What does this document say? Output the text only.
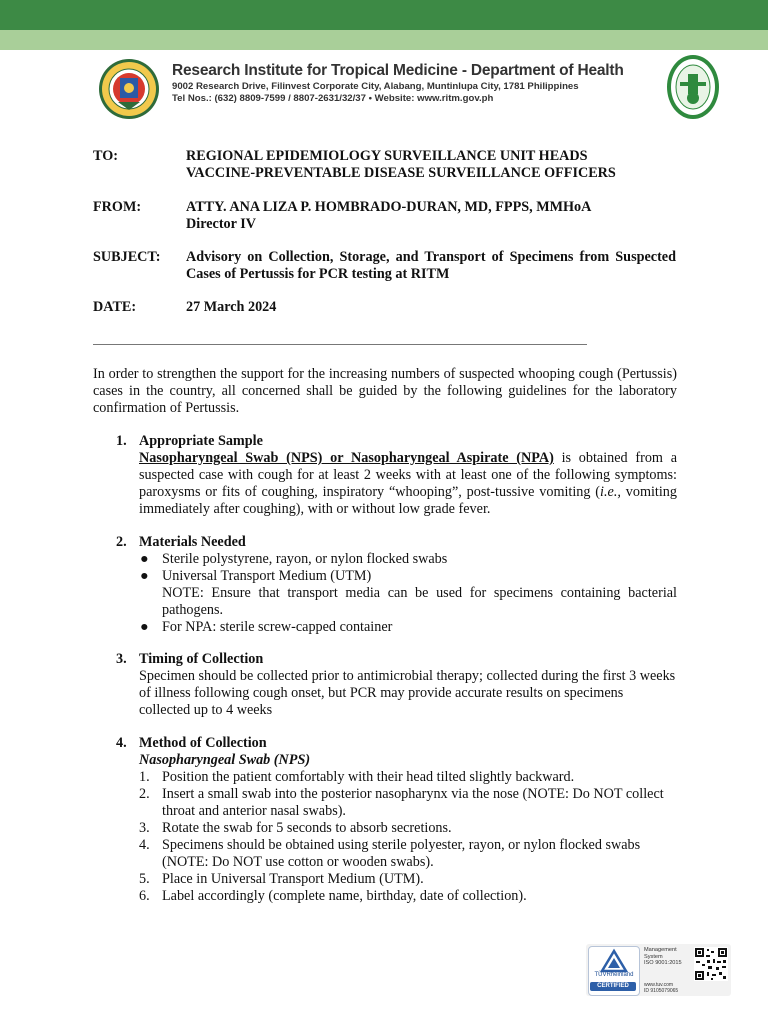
Research Institute for Tropical Medicine - Department of Health
9002 Research Drive, Filinvest Corporate City, Alabang, Muntinlupa City, 1781 Philippines
Tel Nos.: (632) 8809-7599 / 8807-2631/32/37 • Website: www.ritm.gov.ph
TO:	REGIONAL EPIDEMIOLOGY SURVEILLANCE UNIT HEADS
VACCINE-PREVENTABLE DISEASE SURVEILLANCE OFFICERS
FROM:	ATTY. ANA LIZA P. HOMBRADO-DURAN, MD, FPPS, MMHoA
Director IV
SUBJECT: Advisory on Collection, Storage, and Transport of Specimens from Suspected Cases of Pertussis for PCR testing at RITM
DATE:	27 March 2024
In order to strengthen the support for the increasing numbers of suspected whooping cough (Pertussis) cases in the country, all concerned shall be guided by the following guidelines for the laboratory confirmation of Pertussis.
1. Appropriate Sample
Nasopharyngeal Swab (NPS) or Nasopharyngeal Aspirate (NPA) is obtained from a suspected case with cough for at least 2 weeks with at least one of the following symptoms: paroxysms or fits of coughing, inspiratory “whooping”, post-tussive vomiting (i.e., vomiting immediately after coughing), with or without low grade fever.
2. Materials Needed
● Sterile polystyrene, rayon, or nylon flocked swabs
● Universal Transport Medium (UTM)
NOTE: Ensure that transport media can be used for specimens containing bacterial pathogens.
● For NPA: sterile screw-capped container
3. Timing of Collection
Specimen should be collected prior to antimicrobial therapy; collected during the first 3 weeks of illness following cough onset, but PCR may provide accurate results on specimens collected up to 4 weeks
4. Method of Collection
Nasopharyngeal Swab (NPS)
1. Position the patient comfortably with their head tilted slightly backward.
2. Insert a small swab into the posterior nasopharynx via the nose (NOTE: Do NOT collect throat and anterior nasal swabs).
3. Rotate the swab for 5 seconds to absorb secretions.
4. Specimens should be obtained using sterile polyester, rayon, or nylon flocked swabs (NOTE: Do NOT use cotton or wooden swabs).
5. Place in Universal Transport Medium (UTM).
6. Label accordingly (complete name, birthday, date of collection).
TÜVRheinland
CERTIFIED
Management
System
ISO 9001:2015
www.tuv.com
ID 9105079065
